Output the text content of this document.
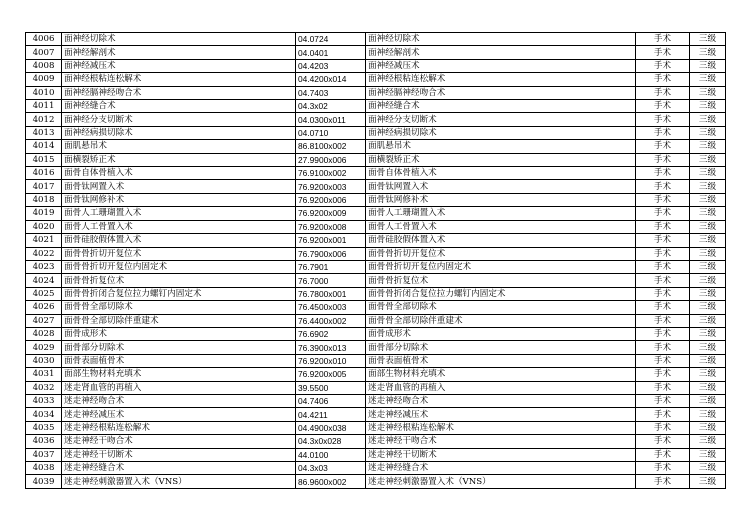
4006	面神经切除术	04.0724	面神经切除术	手术	三级
4007	面神经解剖术	04.0401	面神经解剖术	手术	三级
4008	面神经减压术	04.4203	面神经减压术	手术	三级
4009	面神经根粘连松解术	04.4200x014	面神经根粘连松解术	手术	三级
4010	面神经膈神经吻合术	04.7403	面神经膈神经吻合术	手术	三级
4011	面神经缝合术	04.3x02	面神经缝合术	手术	三级
4012	面神经分支切断术	04.0300x011	面神经分支切断术	手术	三级
4013	面神经病损切除术	04.0710	面神经病损切除术	手术	三级
4014	面肌悬吊术	86.8100x002	面肌悬吊术	手术	三级
4015	面横裂矫正术	27.9900x006	面横裂矫正术	手术	三级
4016	面骨自体骨植入术	76.9100x002	面骨自体骨植入术	手术	三级
4017	面骨钛网置入术	76.9200x003	面骨钛网置入术	手术	三级
4018	面骨钛网修补术	76.9200x006	面骨钛网修补术	手术	三级
4019	面骨人工珊瑚置入术	76.9200x009	面骨人工珊瑚置入术	手术	三级
4020	面骨人工骨置入术	76.9200x008	面骨人工骨置入术	手术	三级
4021	面骨硅胶假体置入术	76.9200x001	面骨硅胶假体置入术	手术	三级
4022	面骨骨折切开复位术	76.7900x006	面骨骨折切开复位术	手术	三级
4023	面骨骨折切开复位内固定术	76.7901	面骨骨折切开复位内固定术	手术	三级
4024	面骨骨折复位术	76.7000	面骨骨折复位术	手术	三级
4025	面骨骨折闭合复位拉力螺钉内固定术	76.7800x001	面骨骨折闭合复位拉力螺钉内固定术	手术	三级
4026	面骨骨全部切除术	76.4500x003	面骨骨全部切除术	手术	三级
4027	面骨骨全部切除伴重建术	76.4400x002	面骨骨全部切除伴重建术	手术	三级
4028	面骨成形术	76.6902	面骨成形术	手术	三级
4029	面骨部分切除术	76.3900x013	面骨部分切除术	手术	三级
4030	面骨表面植骨术	76.9200x010	面骨表面植骨术	手术	三级
4031	面部生物材料充填术	76.9200x005	面部生物材料充填术	手术	三级
4032	迷走肾血管的再植入	39.5500	迷走肾血管的再植入	手术	三级
4033	迷走神经吻合术	04.7406	迷走神经吻合术	手术	三级
4034	迷走神经减压术	04.4211	迷走神经减压术	手术	三级
4035	迷走神经根粘连松解术	04.4900x038	迷走神经根粘连松解术	手术	三级
4036	迷走神经干吻合术	04.3x0x028	迷走神经干吻合术	手术	三级
4037	迷走神经干切断术	44.0100	迷走神经干切断术	手术	三级
4038	迷走神经缝合术	04.3x03	迷走神经缝合术	手术	三级
4039	迷走神经刺激器置入术（VNS）	86.9600x002	迷走神经刺激器置入术（VNS）	手术	三级
